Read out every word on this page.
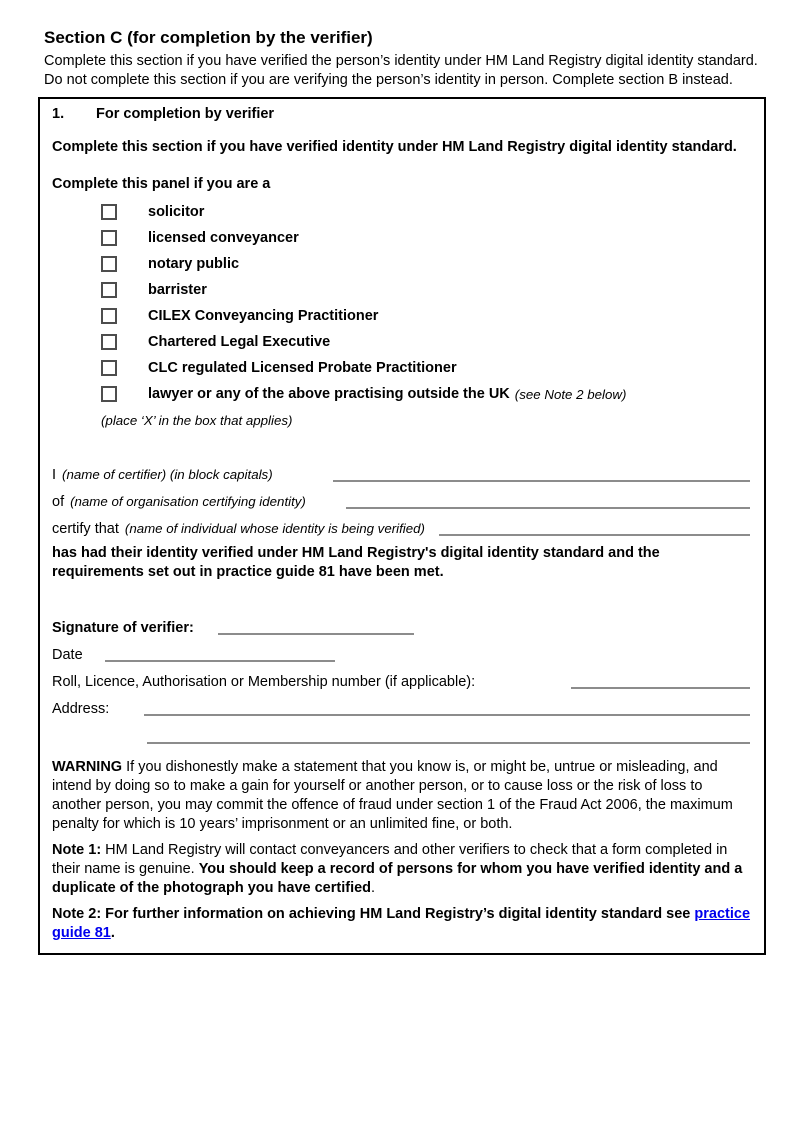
Section C (for completion by the verifier)

Complete this section if you have verified the person’s identity under HM Land Registry digital identity standard.

Do not complete this section if you are verifying the person’s identity in person. Complete section B instead.

1.	For completion by verifier

Complete this section if you have verified identity under HM Land Registry digital identity standard.

Complete this panel if you are a

solicitor
licensed conveyancer
notary public
barrister
CILEX Conveyancing Practitioner
Chartered Legal Executive
CLC regulated Licensed Probate Practitioner
lawyer or any of the above practising outside the UK (see Note 2 below)

(place ‘X’ in the box that applies)

I (name of certifier) (in block capitals)
of (name of organisation certifying identity)
certify that (name of individual whose identity is being verified)

has had their identity verified under HM Land Registry's digital identity standard and the requirements set out in practice guide 81 have been met.

Signature of verifier:
Date
Roll, Licence, Authorisation or Membership number (if applicable):
Address:

WARNING If you dishonestly make a statement that you know is, or might be, untrue or misleading, and intend by doing so to make a gain for yourself or another person, or to cause loss or the risk of loss to another person, you may commit the offence of fraud under section 1 of the Fraud Act 2006, the maximum penalty for which is 10 years’ imprisonment or an unlimited fine, or both.

Note 1: HM Land Registry will contact conveyancers and other verifiers to check that a form completed in their name is genuine. You should keep a record of persons for whom you have verified identity and a duplicate of the photograph you have certified.

Note 2: For further information on achieving HM Land Registry’s digital identity standard see practice guide 81.
